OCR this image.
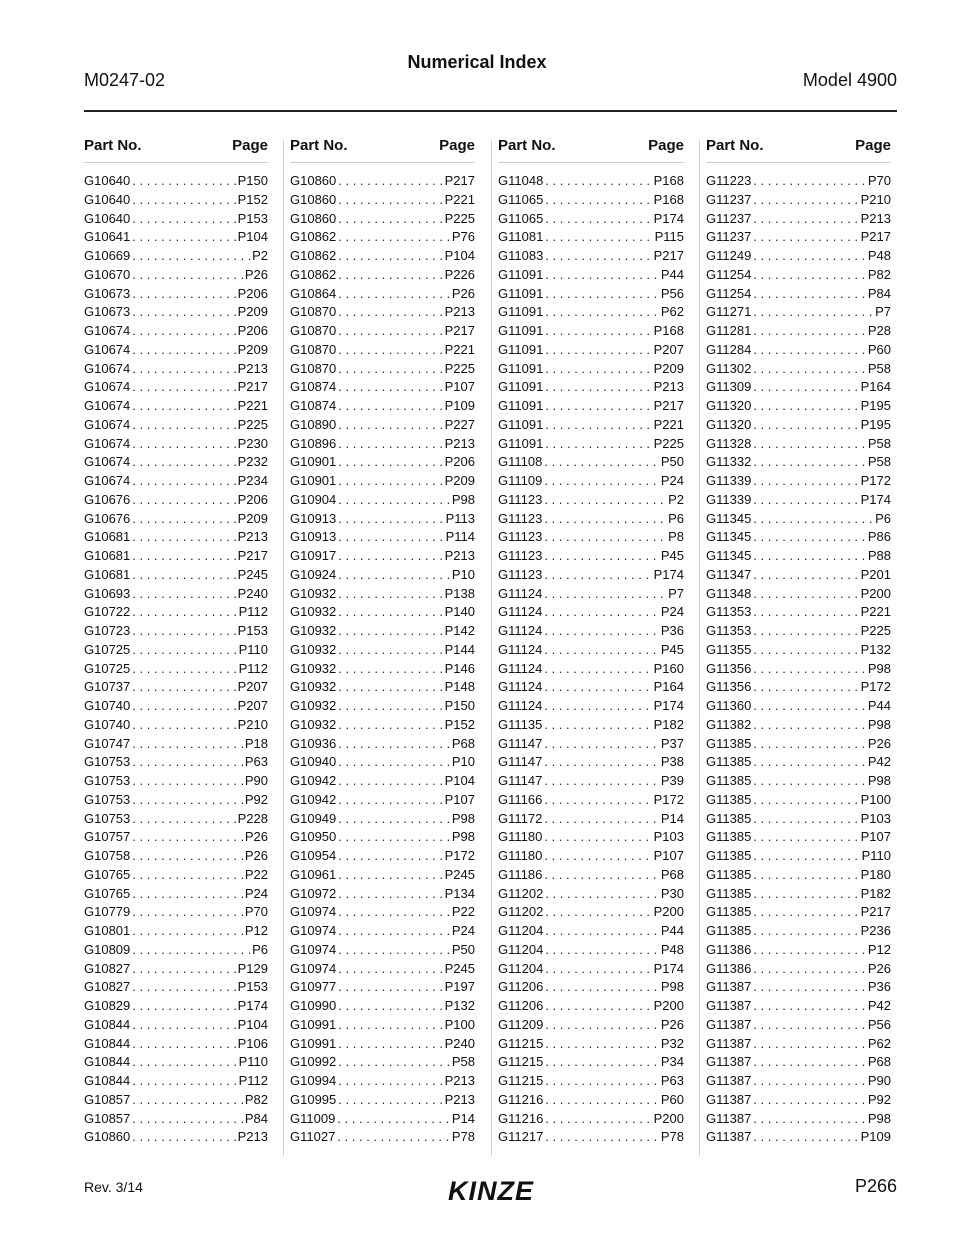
Numerical Index
M0247-02	Model 4900
Part No.	Page
G10640 . . .	P150
G10640 . . .	P152
G10640 . . .	P153
G10641 . . .	P104
G10669 . . .	P2
G10670 . . .	P26
G10673 . . .	P206
G10673 . . .	P209
G10674 . . .	P206
G10674 . . .	P209
G10674 . . .	P213
G10674 . . .	P217
G10674 . . .	P221
G10674 . . .	P225
G10674 . . .	P230
G10674 . . .	P232
G10674 . . .	P234
G10676 . . .	P206
G10676 . . .	P209
G10681 . . .	P213
G10681 . . .	P217
G10681 . . .	P245
G10693 . . .	P240
G10722 . . .	P112
G10723 . . .	P153
G10725 . . .	P110
G10725 . . .	P112
G10737 . . .	P207
G10740 . . .	P207
G10740 . . .	P210
G10747 . . .	P18
G10753 . . .	P63
G10753 . . .	P90
G10753 . . .	P92
G10753 . . .	P228
G10757 . . .	P26
G10758 . . .	P26
G10765 . . .	P22
G10765 . . .	P24
G10779 . . .	P70
G10801 . . .	P12
G10809 . . .	P6
G10827 . . .	P129
G10827 . . .	P153
G10829 . . .	P174
G10844 . . .	P104
G10844 . . .	P106
G10844 . . .	P110
G10844 . . .	P112
G10857 . . .	P82
G10857 . . .	P84
G10860 . . .	P213
Part No.	Page
G10860 . . .	P217
G10860 . . .	P221
G10860 . . .	P225
G10862 . . .	P76
G10862 . . .	P104
G10862 . . .	P226
G10864 . . .	P26
G10870 . . .	P213
G10870 . . .	P217
G10870 . . .	P221
G10870 . . .	P225
G10874 . . .	P107
G10874 . . .	P109
G10890 . . .	P227
G10896 . . .	P213
G10901 . . .	P206
G10901 . . .	P209
G10904 . . .	P98
G10913 . . .	P113
G10913 . . .	P114
G10917 . . .	P213
G10924 . . .	P10
G10932 . . .	P138
G10932 . . .	P140
G10932 . . .	P142
G10932 . . .	P144
G10932 . . .	P146
G10932 . . .	P148
G10932 . . .	P150
G10932 . . .	P152
G10936 . . .	P68
G10940 . . .	P10
G10942 . . .	P104
G10942 . . .	P107
G10949 . . .	P98
G10950 . . .	P98
G10954 . . .	P172
G10961 . . .	P245
G10972 . . .	P134
G10974 . . .	P22
G10974 . . .	P24
G10974 . . .	P50
G10974 . . .	P245
G10977 . . .	P197
G10990 . . .	P132
G10991 . . .	P100
G10991 . . .	P240
G10992 . . .	P58
G10994 . . .	P213
G10995 . . .	P213
G11009 . . .	P14
G11027 . . .	P78
Part No.	Page
G11048 . . .	P168
G11065 . . .	P168
G11065 . . .	P174
G11081 . . .	P115
G11083 . . .	P217
G11091 . . .	P44
G11091 . . .	P56
G11091 . . .	P62
G11091 . . .	P168
G11091 . . .	P207
G11091 . . .	P209
G11091 . . .	P213
G11091 . . .	P217
G11091 . . .	P221
G11091 . . .	P225
G11108 . . .	P50
G11109 . . .	P24
G11123 . . .	P2
G11123 . . .	P6
G11123 . . .	P8
G11123 . . .	P45
G11123 . . .	P174
G11124 . . .	P7
G11124 . . .	P24
G11124 . . .	P36
G11124 . . .	P45
G11124 . . .	P160
G11124 . . .	P164
G11124 . . .	P174
G11135 . . .	P182
G11147 . . .	P37
G11147 . . .	P38
G11147 . . .	P39
G11166 . . .	P172
G11172 . . .	P14
G11180 . . .	P103
G11180 . . .	P107
G11186 . . .	P68
G11202 . . .	P30
G11202 . . .	P200
G11204 . . .	P44
G11204 . . .	P48
G11204 . . .	P174
G11206 . . .	P98
G11206 . . .	P200
G11209 . . .	P26
G11215 . . .	P32
G11215 . . .	P34
G11215 . . .	P63
G11216 . . .	P60
G11216 . . .	P200
G11217 . . .	P78
Part No.	Page
G11223 . . .	P70
G11237 . . .	P210
G11237 . . .	P213
G11237 . . .	P217
G11249 . . .	P48
G11254 . . .	P82
G11254 . . .	P84
G11271 . . .	P7
G11281 . . .	P28
G11284 . . .	P60
G11302 . . .	P58
G11309 . . .	P164
G11320 . . .	P195
G11320 . . .	P195
G11328 . . .	P58
G11332 . . .	P58
G11339 . . .	P172
G11339 . . .	P174
G11345 . . .	P6
G11345 . . .	P86
G11345 . . .	P88
G11347 . . .	P201
G11348 . . .	P200
G11353 . . .	P221
G11353 . . .	P225
G11355 . . .	P132
G11356 . . .	P98
G11356 . . .	P172
G11360 . . .	P44
G11382 . . .	P98
G11385 . . .	P26
G11385 . . .	P42
G11385 . . .	P98
G11385 . . .	P100
G11385 . . .	P103
G11385 . . .	P107
G11385 . . .	P110
G11385 . . .	P180
G11385 . . .	P182
G11385 . . .	P217
G11385 . . .	P236
G11386 . . .	P12
G11386 . . .	P26
G11387 . . .	P36
G11387 . . .	P42
G11387 . . .	P56
G11387 . . .	P62
G11387 . . .	P68
G11387 . . .	P90
G11387 . . .	P92
G11387 . . .	P98
G11387 . . .	P109
Rev. 3/14	KINZE	P266
